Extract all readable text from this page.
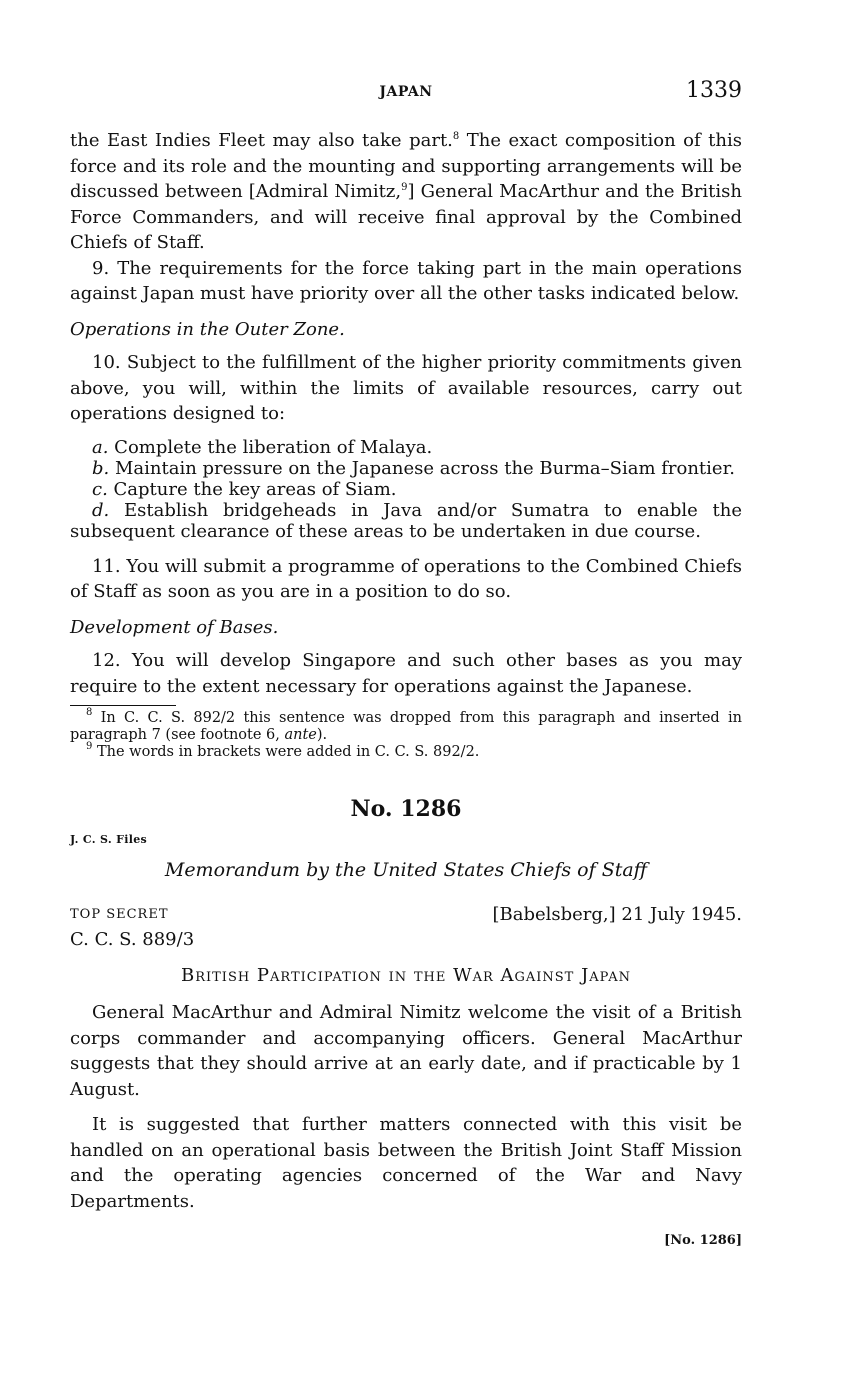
JAPAN	1339

the East Indies Fleet may also take part.$^8$ The exact composition of this force and its role and the mounting and supporting arrangements will be discussed between [Admiral Nimitz,$^9$] General MacArthur and the British Force Commanders, and will receive final approval by the Combined Chiefs of Staff.

9. The requirements for the force taking part in the main operations against Japan must have priority over all the other tasks indicated below.

Operations in the Outer Zone.

10. Subject to the fulfillment of the higher priority commitments given above, you will, within the limits of available resources, carry out operations designed to:

a. Complete the liberation of Malaya.

b. Maintain pressure on the Japanese across the Burma–Siam frontier.

c. Capture the key areas of Siam.

d. Establish bridgeheads in Java and/or Sumatra to enable the subsequent clearance of these areas to be undertaken in due course.

11. You will submit a programme of operations to the Combined Chiefs of Staff as soon as you are in a position to do so.

Development of Bases.

12. You will develop Singapore and such other bases as you may require to the extent necessary for operations against the Japanese.

$^8$ In C. C. S. 892/2 this sentence was dropped from this paragraph and inserted in paragraph 7 (see footnote 6, ante).

$^9$ The words in brackets were added in C. C. S. 892/2.

No. 1286
J. C. S. Files
Memorandum by the United States Chiefs of Staff
TOP SECRET	[Babelsberg,] 21 July 1945.
C. C. S. 889/3
British Participation in the War Against Japan

General MacArthur and Admiral Nimitz welcome the visit of a British corps commander and accompanying officers. General MacArthur suggests that they should arrive at an early date, and if practicable by 1 August.

It is suggested that further matters connected with this visit be handled on an operational basis between the British Joint Staff Mission and the operating agencies concerned of the War and Navy Departments.

[No. 1286]
